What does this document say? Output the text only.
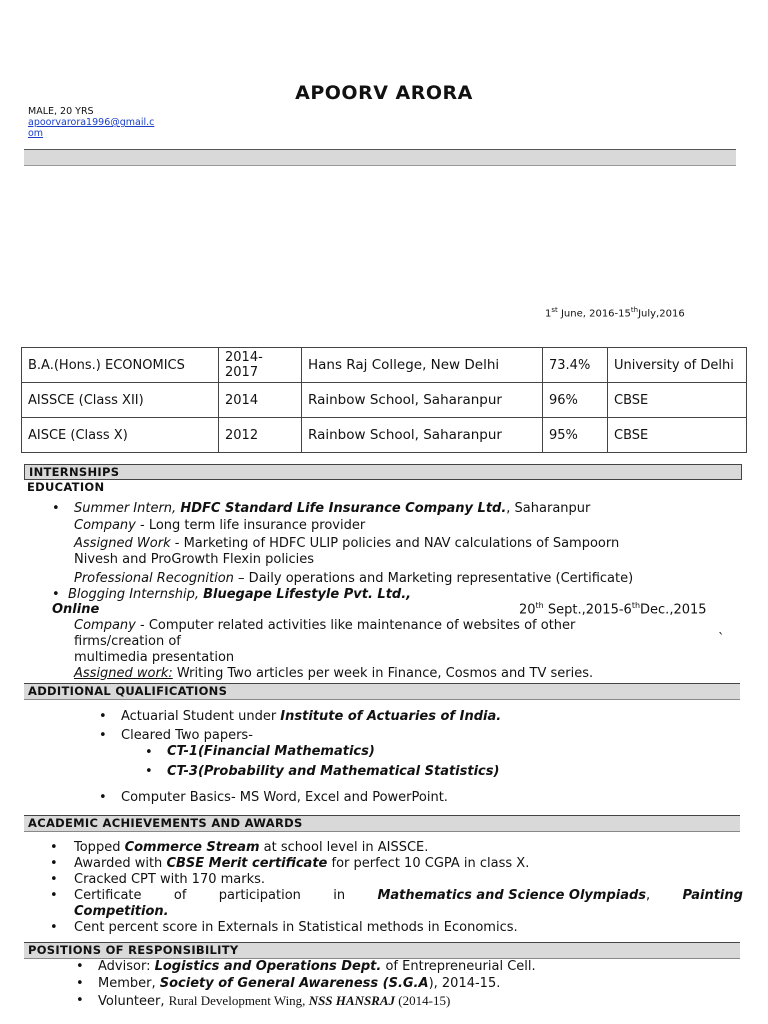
APOORV ARORA
MALE, 20 YRS
apoorvarora1996@gmail.c
om
1st June, 2016-15thJuly,2016
B.A.(Hons.) ECONOMICS	2014-2017	Hans Raj College, New Delhi	73.4%	University of Delhi
AISSCE (Class XII)	2014	Rainbow School, Saharanpur	96%	CBSE
AISCE (Class X)	2012	Rainbow School, Saharanpur	95%	CBSE
INTERNSHIPS
EDUCATION
• Summer Intern, HDFC Standard Life Insurance Company Ltd., Saharanpur
Company - Long term life insurance provider
Assigned Work - Marketing of HDFC ULIP policies and NAV calculations of Sampoorn
Nivesh and ProGrowth Flexin policies
Professional Recognition – Daily operations and Marketing representative (Certificate)
• Blogging Internship, Bluegape Lifestyle Pvt. Ltd.,
Online	20th Sept.,2015-6thDec.,2015
Company - Computer related activities like maintenance of websites of other
firms/creation of	`
multimedia presentation
Assigned work: Writing Two articles per week in Finance, Cosmos and TV series.
ADDITIONAL QUALIFICATIONS
• Actuarial Student under Institute of Actuaries of India.
• Cleared Two papers-
• CT-1(Financial Mathematics)
• CT-3(Probability and Mathematical Statistics)
• Computer Basics- MS Word, Excel and PowerPoint.
ACADEMIC ACHIEVEMENTS AND AWARDS
• Topped Commerce Stream at school level in AISSCE.
• Awarded with CBSE Merit certificate for perfect 10 CGPA in class X.
• Cracked CPT with 170 marks.
• Certificate of participation in Mathematics and Science Olympiads, Painting
Competition.
• Cent percent score in Externals in Statistical methods in Economics.
POSITIONS OF RESPONSIBILITY
• Advisor: Logistics and Operations Dept. of Entrepreneurial Cell.
• Member, Society of General Awareness (S.G.A), 2014-15.
• Volunteer, Rural Development Wing, NSS HANSRAJ (2014-15)
